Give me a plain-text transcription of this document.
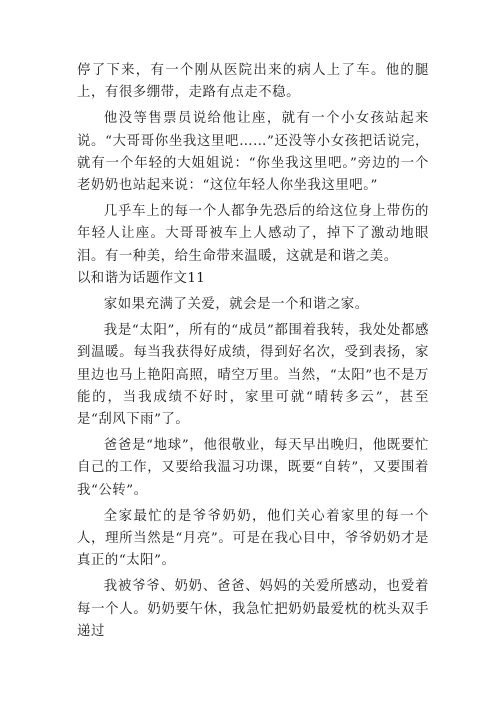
停了下来，有一个刚从医院出来的病人上了车。他的腿上，有很多绷带，走路有点走不稳。

他没等售票员说给他让座，就有一个小女孩站起来说。“大哥哥你坐我这里吧……”还没等小女孩把话说完，就有一个年轻的大姐姐说：“你坐我这里吧。”旁边的一个老奶奶也站起来说：“这位年轻人你坐我这里吧。”

几乎车上的每一个人都争先恐后的给这位身上带伤的年轻人让座。大哥哥被车上人感动了，掉下了激动地眼泪。有一种美，给生命带来温暖，这就是和谐之美。

以和谐为话题作文11

家如果充满了关爱，就会是一个和谐之家。

我是“太阳”，所有的“成员”都围着我转，我处处都感到温暖。每当我获得好成绩，得到好名次，受到表扬，家里边也马上艳阳高照，晴空万里。当然，“太阳”也不是万能的，当我成绩不好时，家里可就“晴转多云”，甚至是“刮风下雨”了。

爸爸是“地球”，他很敬业，每天早出晚归，他既要忙自己的工作，又要给我温习功课，既要“自转”，又要围着我“公转”。

全家最忙的是爷爷奶奶，他们关心着家里的每一个人，理所当然是“月亮”。可是在我心目中，爷爷奶奶才是真正的“太阳”。

我被爷爷、奶奶、爸爸、妈妈的关爱所感动，也爱着每一个人。奶奶要午休，我急忙把奶奶最爱枕的枕头双手递过
